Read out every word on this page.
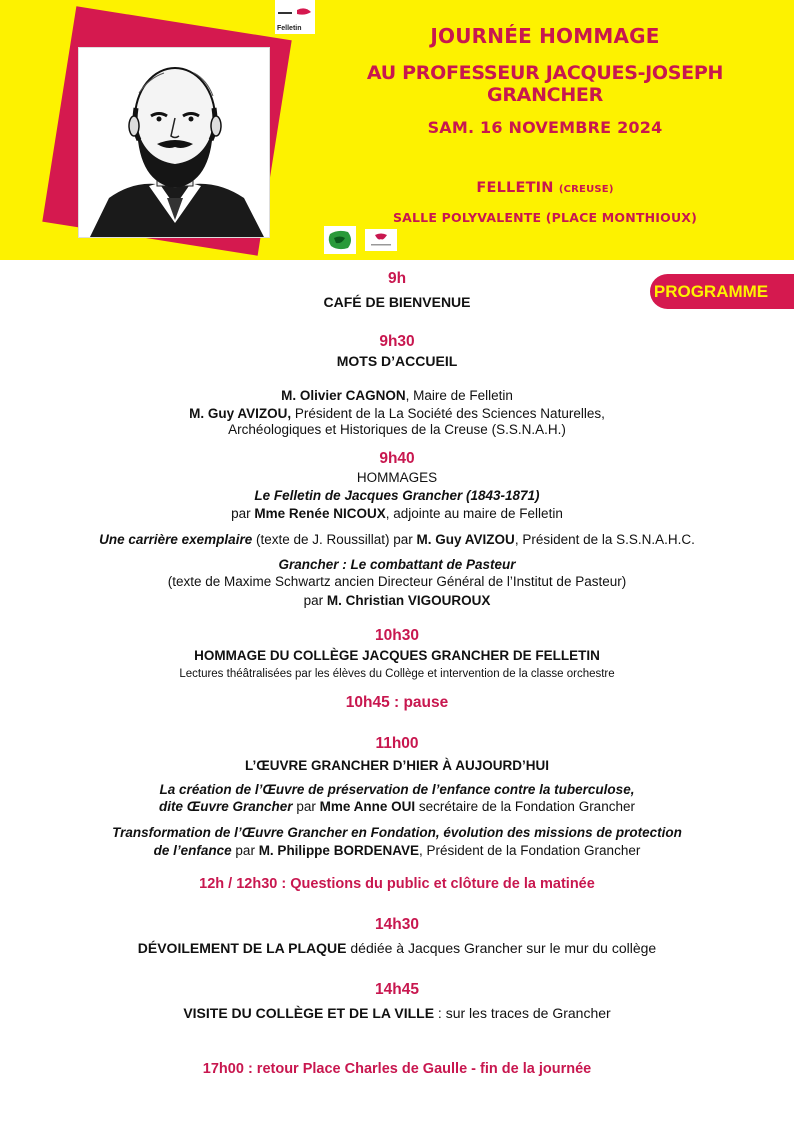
Felletin	JOURNÉE HOMMAGE
AU PROFESSEUR JACQUES-JOSEPH GRANCHER
SAM. 16 NOVEMBRE 2024
FELLETIN (CREUSE)
SALLE POLYVALENTE (PLACE MONTHIOUX)
PROGRAMME
9h
CAFÉ DE BIENVENUE
9h30
MOTS D’ACCUEIL
M. Olivier CAGNON, Maire de Felletin
M. Guy AVIZOU, Président de la La Société des Sciences Naturelles,
Archéologiques et Historiques de la Creuse (S.S.N.A.H.)
9h40
HOMMAGES
Le Felletin de Jacques Grancher (1843-1871)
par Mme Renée NICOUX, adjointe au maire de Felletin
Une carrière exemplaire (texte de J. Roussillat) par M. Guy AVIZOU, Président de la S.S.N.A.H.C.
Grancher : Le combattant de Pasteur
(texte de Maxime Schwartz ancien Directeur Général de l’Institut de Pasteur)
par M. Christian VIGOUROUX
10h30
HOMMAGE DU COLLÈGE JACQUES GRANCHER DE FELLETIN
Lectures théâtralisées par les élèves du Collège et intervention de la classe orchestre
10h45 : pause
11h00
L’ŒUVRE GRANCHER D’HIER À AUJOURD’HUI
La création de l’Œuvre de préservation de l’enfance contre la tuberculose,
dite Œuvre Grancher par Mme Anne OUI secrétaire de la Fondation Grancher
Transformation de l’Œuvre Grancher en Fondation, évolution des missions de protection
de l’enfance par M. Philippe BORDENAVE, Président de la Fondation Grancher
12h / 12h30 : Questions du public et clôture de la matinée
14h30
DÉVOILEMENT DE LA PLAQUE dédiée à Jacques Grancher sur le mur du collège
14h45
VISITE DU COLLÈGE ET DE LA VILLE : sur les traces de Grancher
17h00 : retour Place Charles de Gaulle - fin de la journée
